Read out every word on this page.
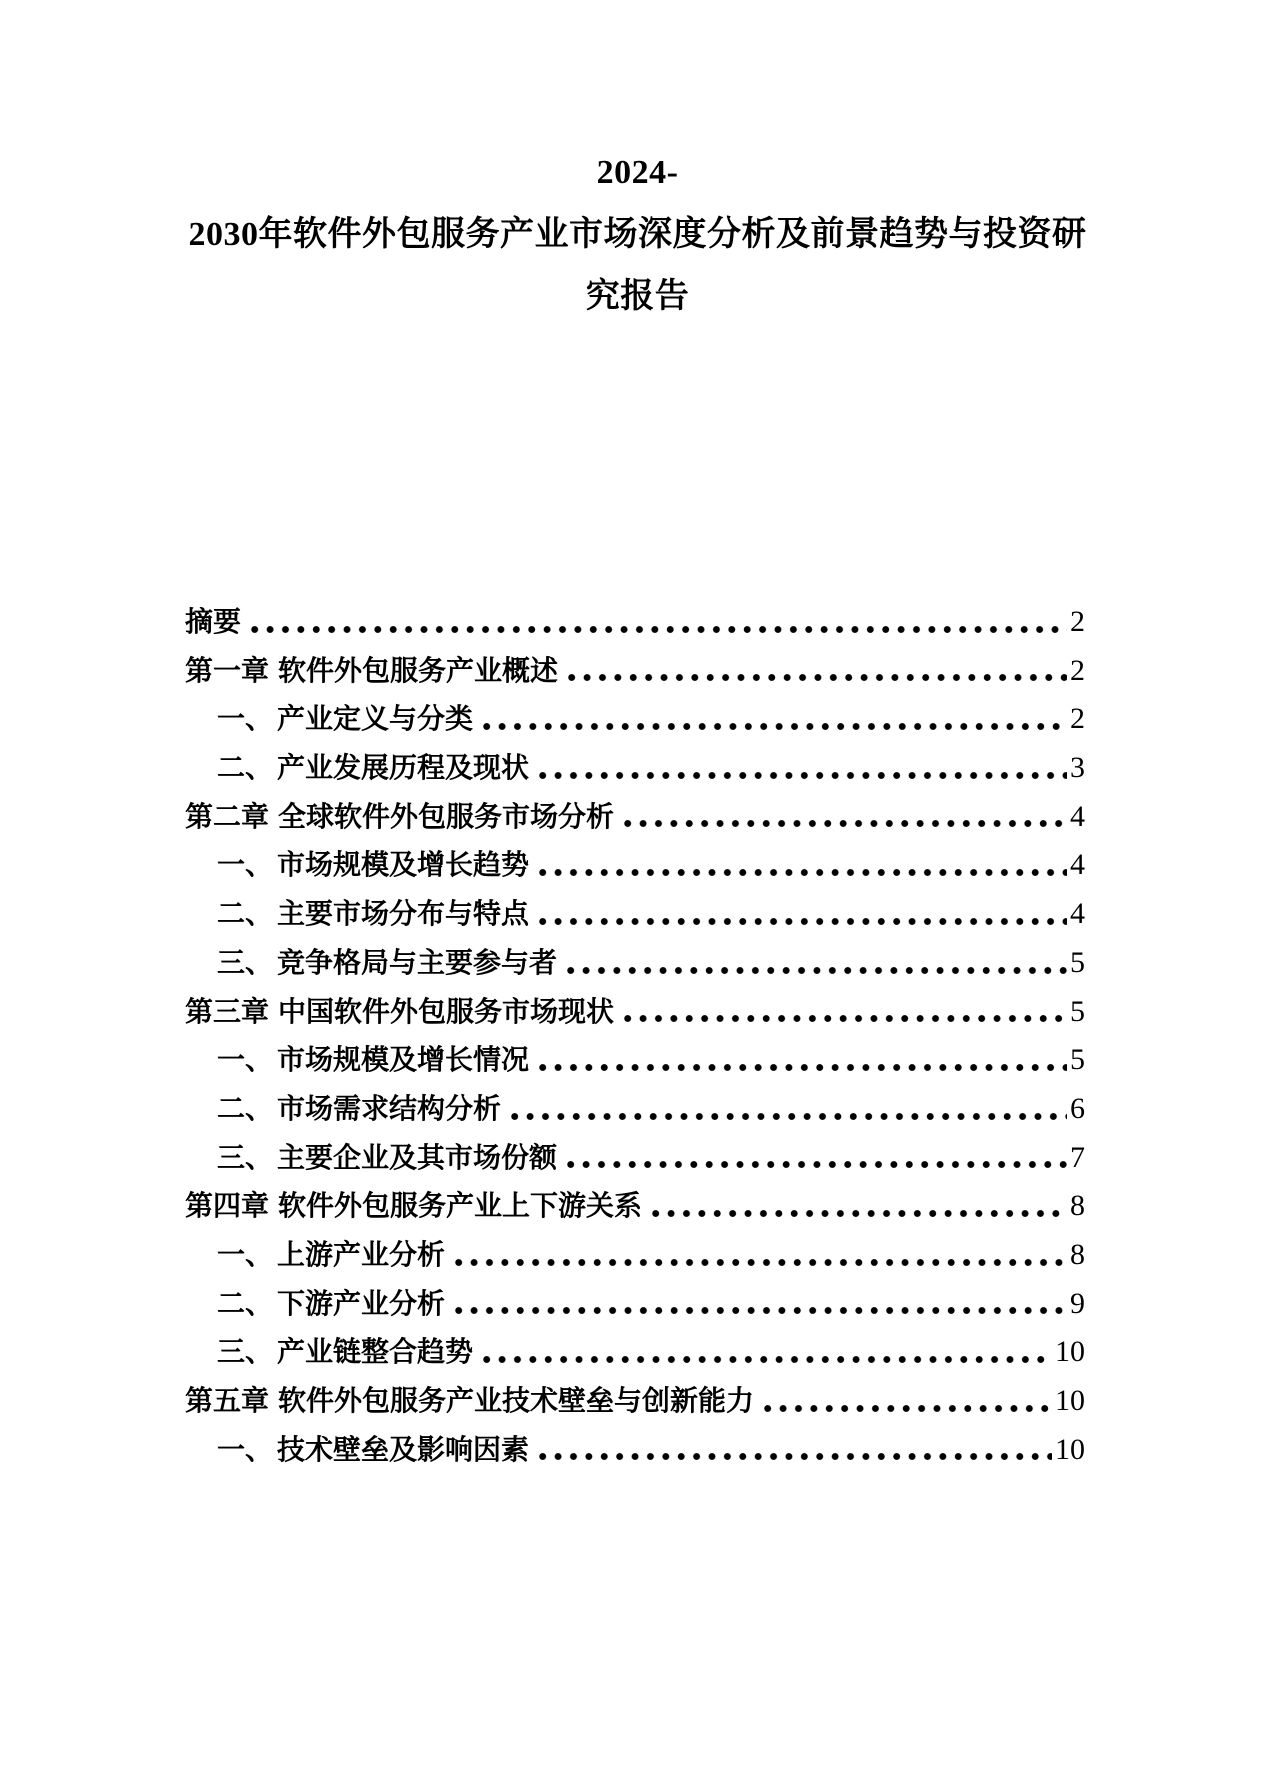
2024-
2030年软件外包服务产业市场深度分析及前景趋势与投资研
究报告
摘要	2
第一章 软件外包服务产业概述	2
一、 产业定义与分类	2
二、 产业发展历程及现状	3
第二章 全球软件外包服务市场分析	4
一、 市场规模及增长趋势	4
二、 主要市场分布与特点	4
三、 竞争格局与主要参与者	5
第三章 中国软件外包服务市场现状	5
一、 市场规模及增长情况	5
二、 市场需求结构分析	6
三、 主要企业及其市场份额	7
第四章 软件外包服务产业上下游关系	8
一、 上游产业分析	8
二、 下游产业分析	9
三、 产业链整合趋势	10
第五章 软件外包服务产业技术壁垒与创新能力	10
一、 技术壁垒及影响因素	10
